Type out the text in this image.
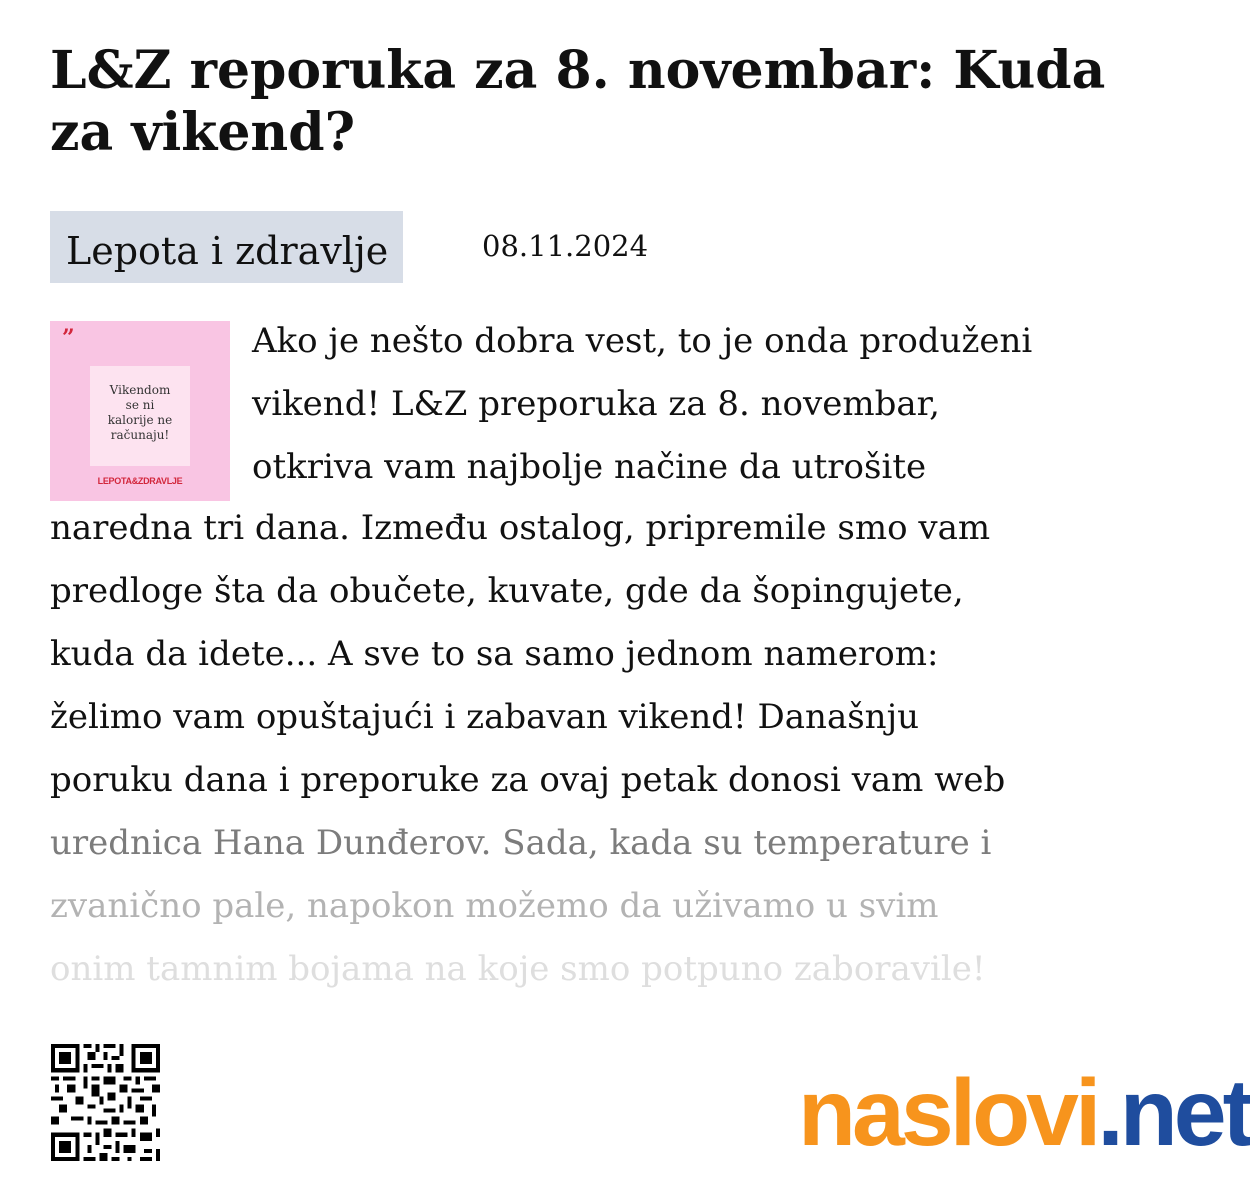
L&Z reporuka za 8. novembar: Kuda za vikend?
Lepota i zdravlje	08.11.2024
”
Vikendom
se ni
kalorije ne
računaju!
LEPOTA&ZDRAVLJE

Ako je nešto dobra vest, to je onda produženi

vikend! L&Z preporuka za 8. novembar,

otkriva vam najbolje načine da utrošite

naredna tri dana. Između ostalog, pripremile smo vam

predloge šta da obučete, kuvate, gde da šopingujete,

kuda da idete... A sve to sa samo jednom namerom:

želimo vam opuštajući i zabavan vikend! Današnju

poruku dana i preporuke za ovaj petak donosi vam web

urednica Hana Dunđerov. Sada, kada su temperature i

zvanično pale, napokon možemo da uživamo u svim

onim tamnim bojama na koje smo potpuno zaboravile!

naslovi.net
